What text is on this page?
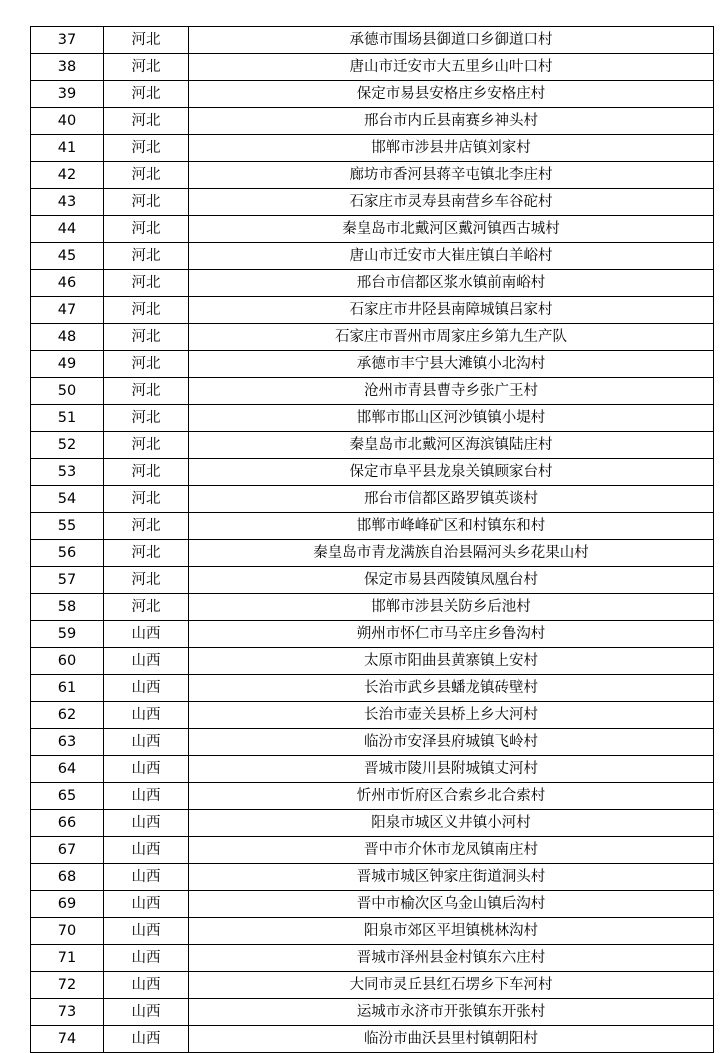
37	河北	承德市围场县御道口乡御道口村
38	河北	唐山市迁安市大五里乡山叶口村
39	河北	保定市易县安格庄乡安格庄村
40	河北	邢台市内丘县南赛乡神头村
41	河北	邯郸市涉县井店镇刘家村
42	河北	廊坊市香河县蒋辛屯镇北李庄村
43	河北	石家庄市灵寿县南营乡车谷砣村
44	河北	秦皇岛市北戴河区戴河镇西古城村
45	河北	唐山市迁安市大崔庄镇白羊峪村
46	河北	邢台市信都区浆水镇前南峪村
47	河北	石家庄市井陉县南障城镇吕家村
48	河北	石家庄市晋州市周家庄乡第九生产队
49	河北	承德市丰宁县大滩镇小北沟村
50	河北	沧州市青县曹寺乡张广王村
51	河北	邯郸市邯山区河沙镇镇小堤村
52	河北	秦皇岛市北戴河区海滨镇陆庄村
53	河北	保定市阜平县龙泉关镇顾家台村
54	河北	邢台市信都区路罗镇英谈村
55	河北	邯郸市峰峰矿区和村镇东和村
56	河北	秦皇岛市青龙满族自治县隔河头乡花果山村
57	河北	保定市易县西陵镇凤凰台村
58	河北	邯郸市涉县关防乡后池村
59	山西	朔州市怀仁市马辛庄乡鲁沟村
60	山西	太原市阳曲县黄寨镇上安村
61	山西	长治市武乡县蟠龙镇砖壁村
62	山西	长治市壶关县桥上乡大河村
63	山西	临汾市安泽县府城镇飞岭村
64	山西	晋城市陵川县附城镇丈河村
65	山西	忻州市忻府区合索乡北合索村
66	山西	阳泉市城区义井镇小河村
67	山西	晋中市介休市龙凤镇南庄村
68	山西	晋城市城区钟家庄街道洞头村
69	山西	晋中市榆次区乌金山镇后沟村
70	山西	阳泉市郊区平坦镇桃林沟村
71	山西	晋城市泽州县金村镇东六庄村
72	山西	大同市灵丘县红石塄乡下车河村
73	山西	运城市永济市开张镇东开张村
74	山西	临汾市曲沃县里村镇朝阳村
